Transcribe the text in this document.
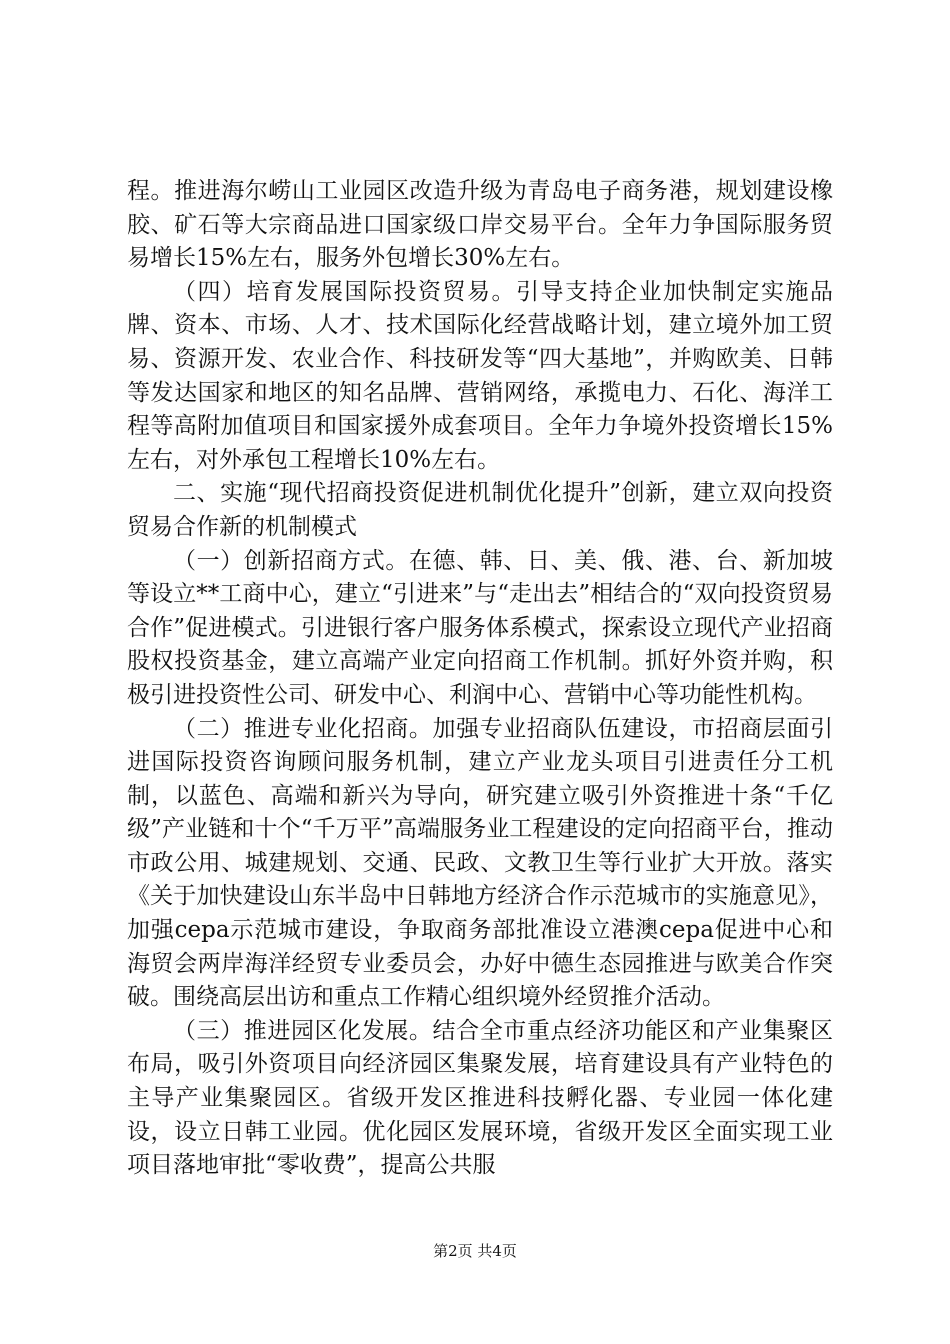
程。推进海尔崂山工业园区改造升级为青岛电子商务港，规划建设橡胶、矿石等大宗商品进口国家级口岸交易平台。全年力争国际服务贸易增长15%左右，服务外包增长30%左右。

（四）培育发展国际投资贸易。引导支持企业加快制定实施品牌、资本、市场、人才、技术国际化经营战略计划，建立境外加工贸易、资源开发、农业合作、科技研发等“四大基地”，并购欧美、日韩等发达国家和地区的知名品牌、营销网络，承揽电力、石化、海洋工程等高附加值项目和国家援外成套项目。全年力争境外投资增长15%左右，对外承包工程增长10%左右。

二、实施“现代招商投资促进机制优化提升”创新，建立双向投资贸易合作新的机制模式

（一）创新招商方式。在德、韩、日、美、俄、港、台、新加坡等设立**工商中心，建立“引进来”与“走出去”相结合的“双向投资贸易合作”促进模式。引进银行客户服务体系模式，探索设立现代产业招商股权投资基金，建立高端产业定向招商工作机制。抓好外资并购，积极引进投资性公司、研发中心、利润中心、营销中心等功能性机构。

（二）推进专业化招商。加强专业招商队伍建设，市招商层面引进国际投资咨询顾问服务机制，建立产业龙头项目引进责任分工机制，以蓝色、高端和新兴为导向，研究建立吸引外资推进十条“千亿级”产业链和十个“千万平”高端服务业工程建设的定向招商平台，推动市政公用、城建规划、交通、民政、文教卫生等行业扩大开放。落实《关于加快建设山东半岛中日韩地方经济合作示范城市的实施意见》，加强cepa示范城市建设，争取商务部批准设立港澳cepa促进中心和海贸会两岸海洋经贸专业委员会，办好中德生态园推进与欧美合作突破。围绕高层出访和重点工作精心组织境外经贸推介活动。

（三）推进园区化发展。结合全市重点经济功能区和产业集聚区布局，吸引外资项目向经济园区集聚发展，培育建设具有产业特色的主导产业集聚园区。省级开发区推进科技孵化器、专业园一体化建设，设立日韩工业园。优化园区发展环境，省级开发区全面实现工业项目落地审批“零收费”，提高公共服

第2页 共4页
